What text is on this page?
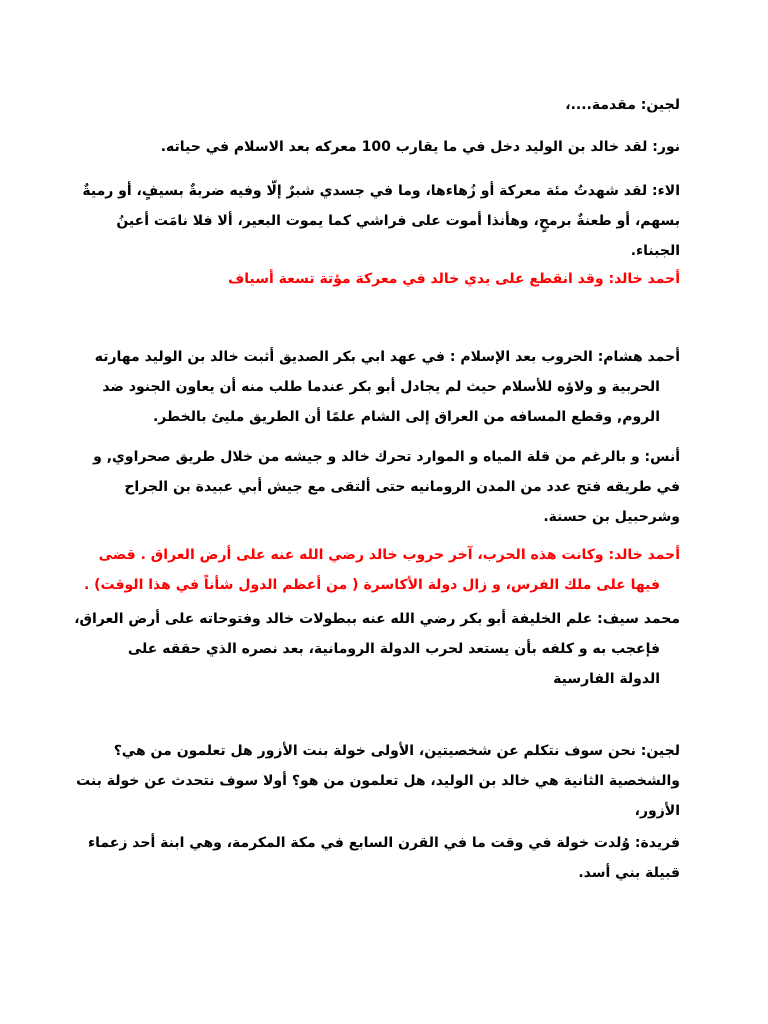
لجين: مقدمة....،
نور: لقد خالد بن الوليد دخل في ما يقارب 100 معركه بعد الاسلام في حياته.
الاء: لقد شهدتُ مئة معركة أو زُهاءها، وما في جسدي شبرٌ إلّا وفيه ضربةٌ بسيفٍ، أو رميةٌ
بسهم، أو طعنةٌ برمحٍ، وهأنذا أموت على فراشي كما يموت البعير، ألا فلا نامَت أعينُ
الجبناء.
أحمد خالد: وقد انقطع على يدي خالد في معركة مؤتة تسعة أسياف
أحمد هشام: الحروب بعد الإسلام : في عهد ابي بكر الصديق أثبت خالد بن الوليد مهارته
الحربية و ولاؤه للأسلام حيث لم يجادل أبو بكر عندما طلب منه أن يعاون الجنود ضد
الروم, وقطع المسافه من العراق إلى الشام علمًا أن الطريق مليئ بالخطر.
أنس: و بالرغم من قلة المياه و الموارد تحرك خالد و جيشه من خلال طريق صحراوي, و
في طريقه فتح عدد من المدن الرومانيه حتى ألتقى مع جيش أبي عبيدة بن الجراح
وشرحبيل بن حسنة.
أحمد خالد: وكانت هذه الحرب، آخر حروب خالد رضي الله عنه على أرض العراق . قضى
فيها على ملك الفرس، و زال دولة الأكاسرة ( من أعظم الدول شأناً في هذا الوقت) .
محمد سيف: علم الخليفة أبو بكر رضي الله عنه ببطولات خالد وفتوحاته على أرض العراق،
فإعجب به و كلفه بأن يستعد لحرب الدولة الرومانية، بعد نصره الذي حققه على
الدولة الفارسية
لجين: نحن سوف نتكلم عن شخصيتين، الأولى خولة بنت الأزور هل تعلمون من هي؟
والشخصية الثانية هي خالد بن الوليد، هل تعلمون من هو؟ أولا سوف نتحدث عن خولة بنت
الأزور،
فريدة: وُلدت خولة في وقت ما في القرن السابع في مكة المكرمة، وهي ابنة أحد زعماء
قبيلة بني أسد.
